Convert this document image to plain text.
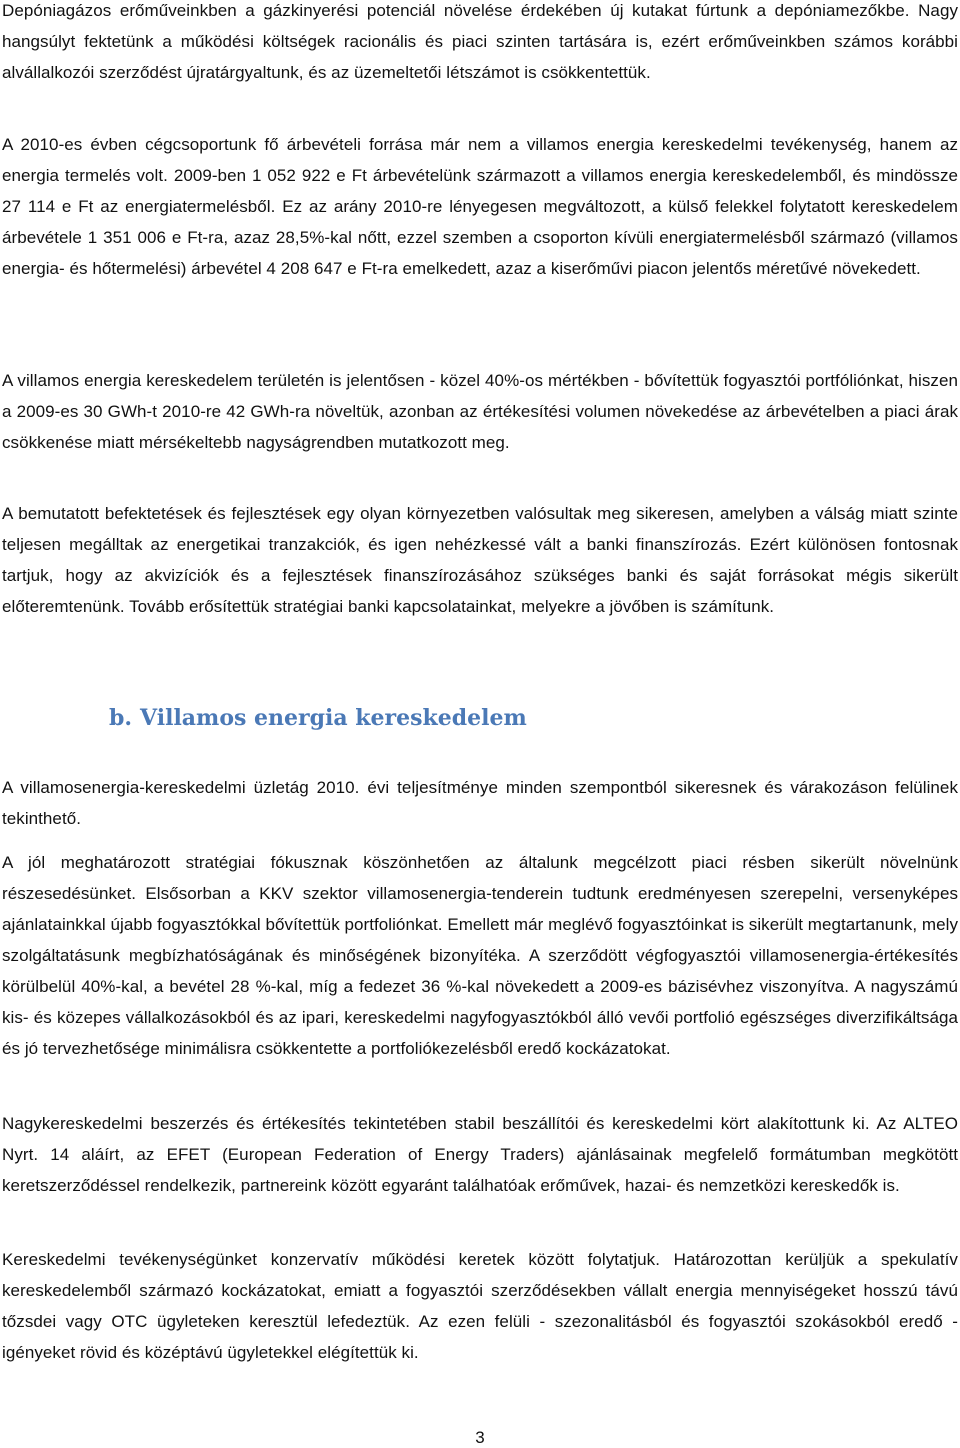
Depóniagázos erőműveinkben a gázkinyerési potenciál növelése érdekében új kutakat fúrtunk a depóniamezőkbe. Nagy hangsúlyt fektetünk a működési költségek racionális és piaci szinten tartására is, ezért erőműveinkben számos korábbi alvállalkozói szerződést újratárgyaltunk, és az üzemeltetői létszámot is csökkentettük.

A 2010-es évben cégcsoportunk fő árbevételi forrása már nem a villamos energia kereskedelmi tevékenység, hanem az energia termelés volt. 2009-ben 1 052 922 e Ft árbevételünk származott a villamos energia kereskedelemből, és mindössze 27 114 e Ft az energiatermelésből. Ez az arány 2010-re lényegesen megváltozott, a külső felekkel folytatott kereskedelem árbevétele 1 351 006 e Ft-ra, azaz 28,5%-kal nőtt, ezzel szemben a csoporton kívüli energiatermelésből származó (villamos energia- és hőtermelési) árbevétel 4 208 647 e Ft-ra emelkedett, azaz a kiserőművi piacon jelentős méretűvé növekedett.

A villamos energia kereskedelem területén is jelentősen - közel 40%-os mértékben - bővítettük fogyasztói portfóliónkat, hiszen a 2009-es 30 GWh-t 2010-re 42 GWh-ra növeltük, azonban az értékesítési volumen növekedése az árbevételben a piaci árak csökkenése miatt mérsékeltebb nagyságrendben mutatkozott meg.

A bemutatott befektetések és fejlesztések egy olyan környezetben valósultak meg sikeresen, amelyben a válság miatt szinte teljesen megálltak az energetikai tranzakciók, és igen nehézkessé vált a banki finanszírozás. Ezért különösen fontosnak tartjuk, hogy az akvizíciók és a fejlesztések finanszírozásához szükséges banki és saját forrásokat mégis sikerült előteremtenünk. Tovább erősítettük stratégiai banki kapcsolatainkat, melyekre a jövőben is számítunk.

b. Villamos energia kereskedelem

A villamosenergia-kereskedelmi üzletág 2010. évi teljesítménye minden szempontból sikeresnek és várakozáson felülinek tekinthető.

A jól meghatározott stratégiai fókusznak köszönhetően az általunk megcélzott piaci résben sikerült növelnünk részesedésünket. Elsősorban a KKV szektor villamosenergia-tenderein tudtunk eredményesen szerepelni, versenyképes ajánlatainkkal újabb fogyasztókkal bővítettük portfoliónkat. Emellett már meglévő fogyasztóinkat is sikerült megtartanunk, mely szolgáltatásunk megbízhatóságának és minőségének bizonyítéka. A szerződött végfogyasztói villamosenergia-értékesítés körülbelül 40%-kal, a bevétel 28 %-kal, míg a fedezet 36 %-kal növekedett a 2009-es bázisévhez viszonyítva. A nagyszámú kis- és közepes vállalkozásokból és az ipari, kereskedelmi nagyfogyasztókból álló vevői portfolió egészséges diverzifikáltsága és jó tervezhetősége minimálisra csökkentette a portfoliókezelésből eredő kockázatokat.

Nagykereskedelmi beszerzés és értékesítés tekintetében stabil beszállítói és kereskedelmi kört alakítottunk ki. Az ALTEO Nyrt. 14 aláírt, az EFET (European Federation of Energy Traders) ajánlásainak megfelelő formátumban megkötött keretszerződéssel rendelkezik, partnereink között egyaránt találhatóak erőművek, hazai- és nemzetközi kereskedők is.

Kereskedelmi tevékenységünket konzervatív működési keretek között folytatjuk. Határozottan kerüljük a spekulatív kereskedelemből származó kockázatokat, emiatt a fogyasztói szerződésekben vállalt energia mennyiségeket hosszú távú tőzsdei vagy OTC ügyleteken keresztül lefedeztük. Az ezen felüli - szezonalitásból és fogyasztói szokásokból eredő - igényeket rövid és középtávú ügyletekkel elégítettük ki.

3
